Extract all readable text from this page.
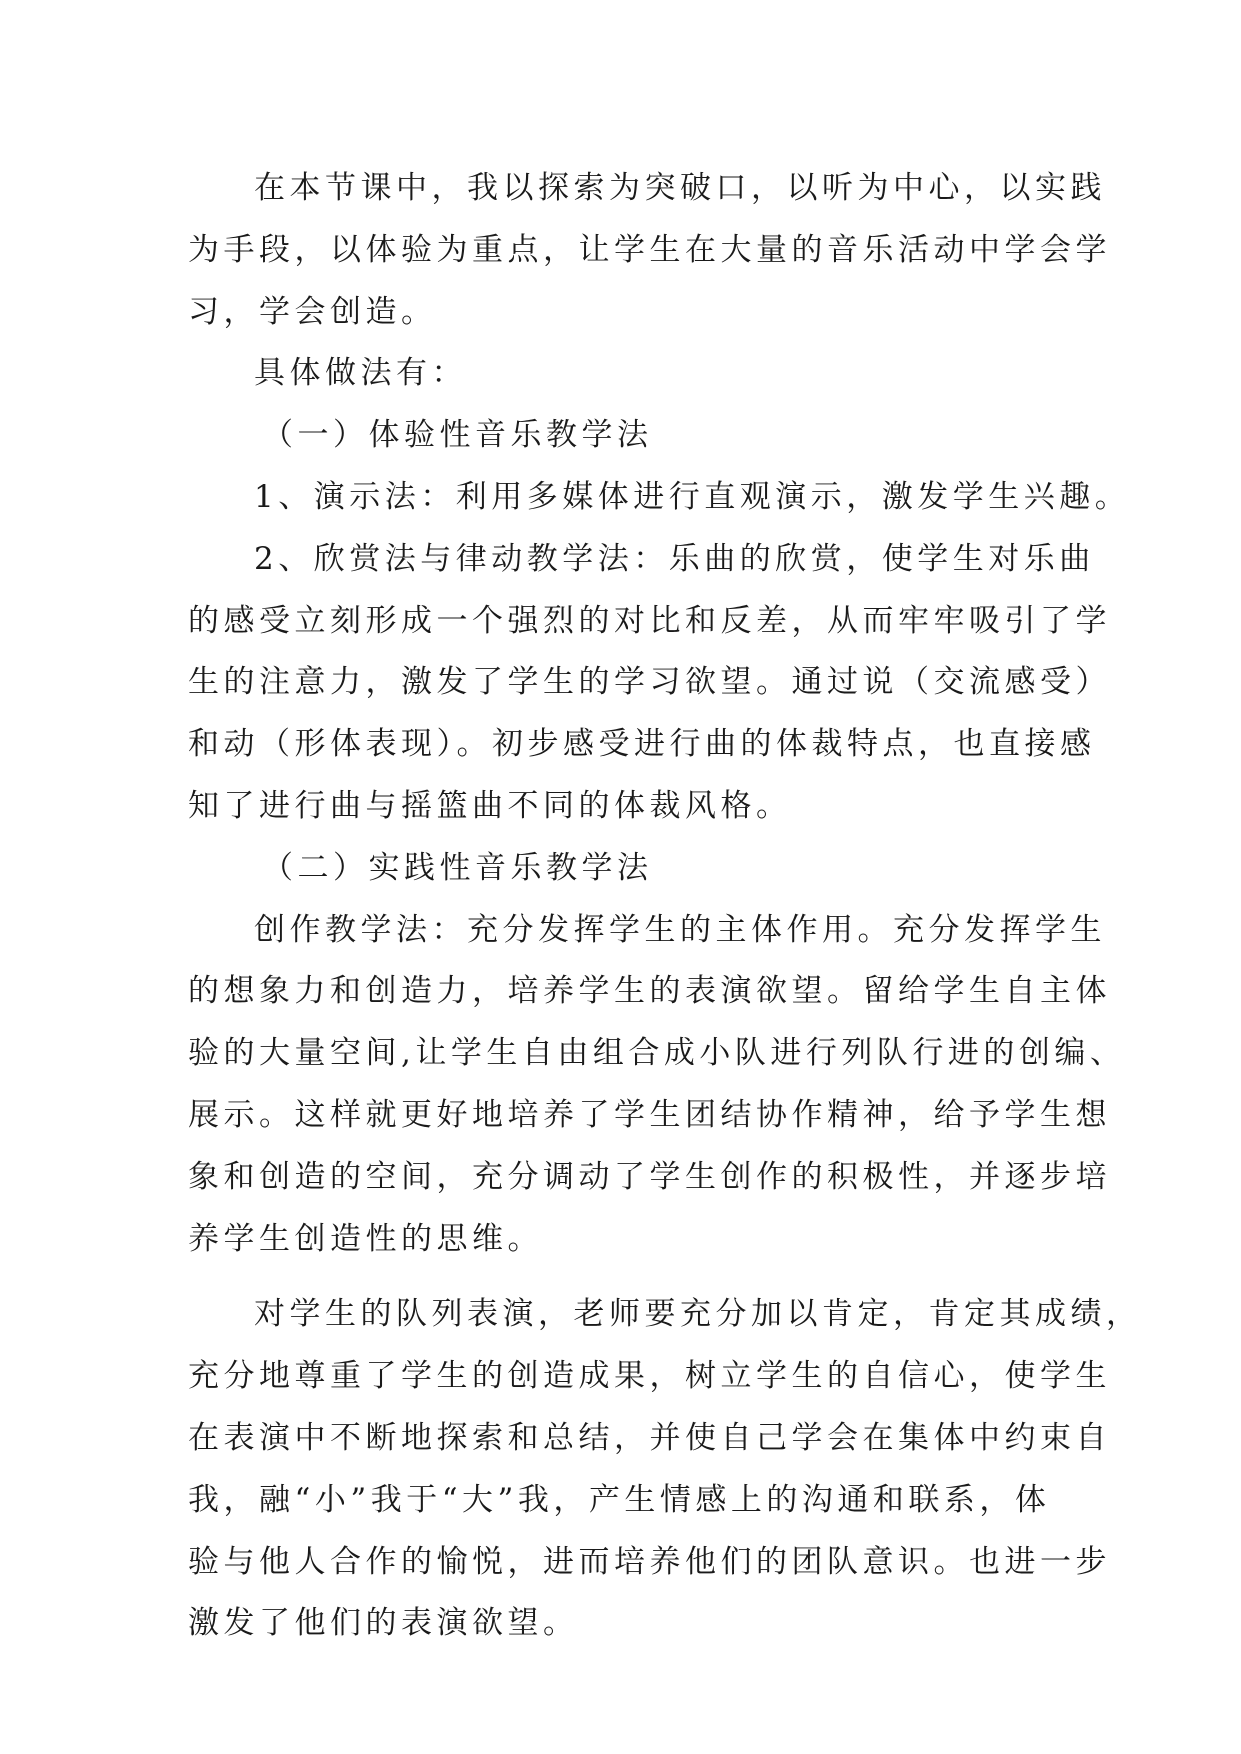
在本节课中，我以探索为突破口，以听为中心，以实践
为手段，以体验为重点，让学生在大量的音乐活动中学会学
习，学会创造。
具体做法有：
（一）体验性音乐教学法
1、演示法：利用多媒体进行直观演示，激发学生兴趣。
2、欣赏法与律动教学法：乐曲的欣赏，使学生对乐曲
的感受立刻形成一个强烈的对比和反差，从而牢牢吸引了学
生的注意力，激发了学生的学习欲望。通过说（交流感受）
和动（形体表现）。初步感受进行曲的体裁特点，也直接感
知了进行曲与摇篮曲不同的体裁风格。
（二）实践性音乐教学法
创作教学法：充分发挥学生的主体作用。充分发挥学生
的想象力和创造力，培养学生的表演欲望。留给学生自主体
验的大量空间,让学生自由组合成小队进行列队行进的创编、
展示。这样就更好地培养了学生团结协作精神，给予学生想
象和创造的空间，充分调动了学生创作的积极性，并逐步培
养学生创造性的思维。
对学生的队列表演，老师要充分加以肯定，肯定其成绩，
充分地尊重了学生的创造成果，树立学生的自信心，使学生
在表演中不断地探索和总结，并使自己学会在集体中约束自
我，融“小”我于“大”我，产生情感上的沟通和联系，体
验与他人合作的愉悦，进而培养他们的团队意识。也进一步
激发了他们的表演欲望。
